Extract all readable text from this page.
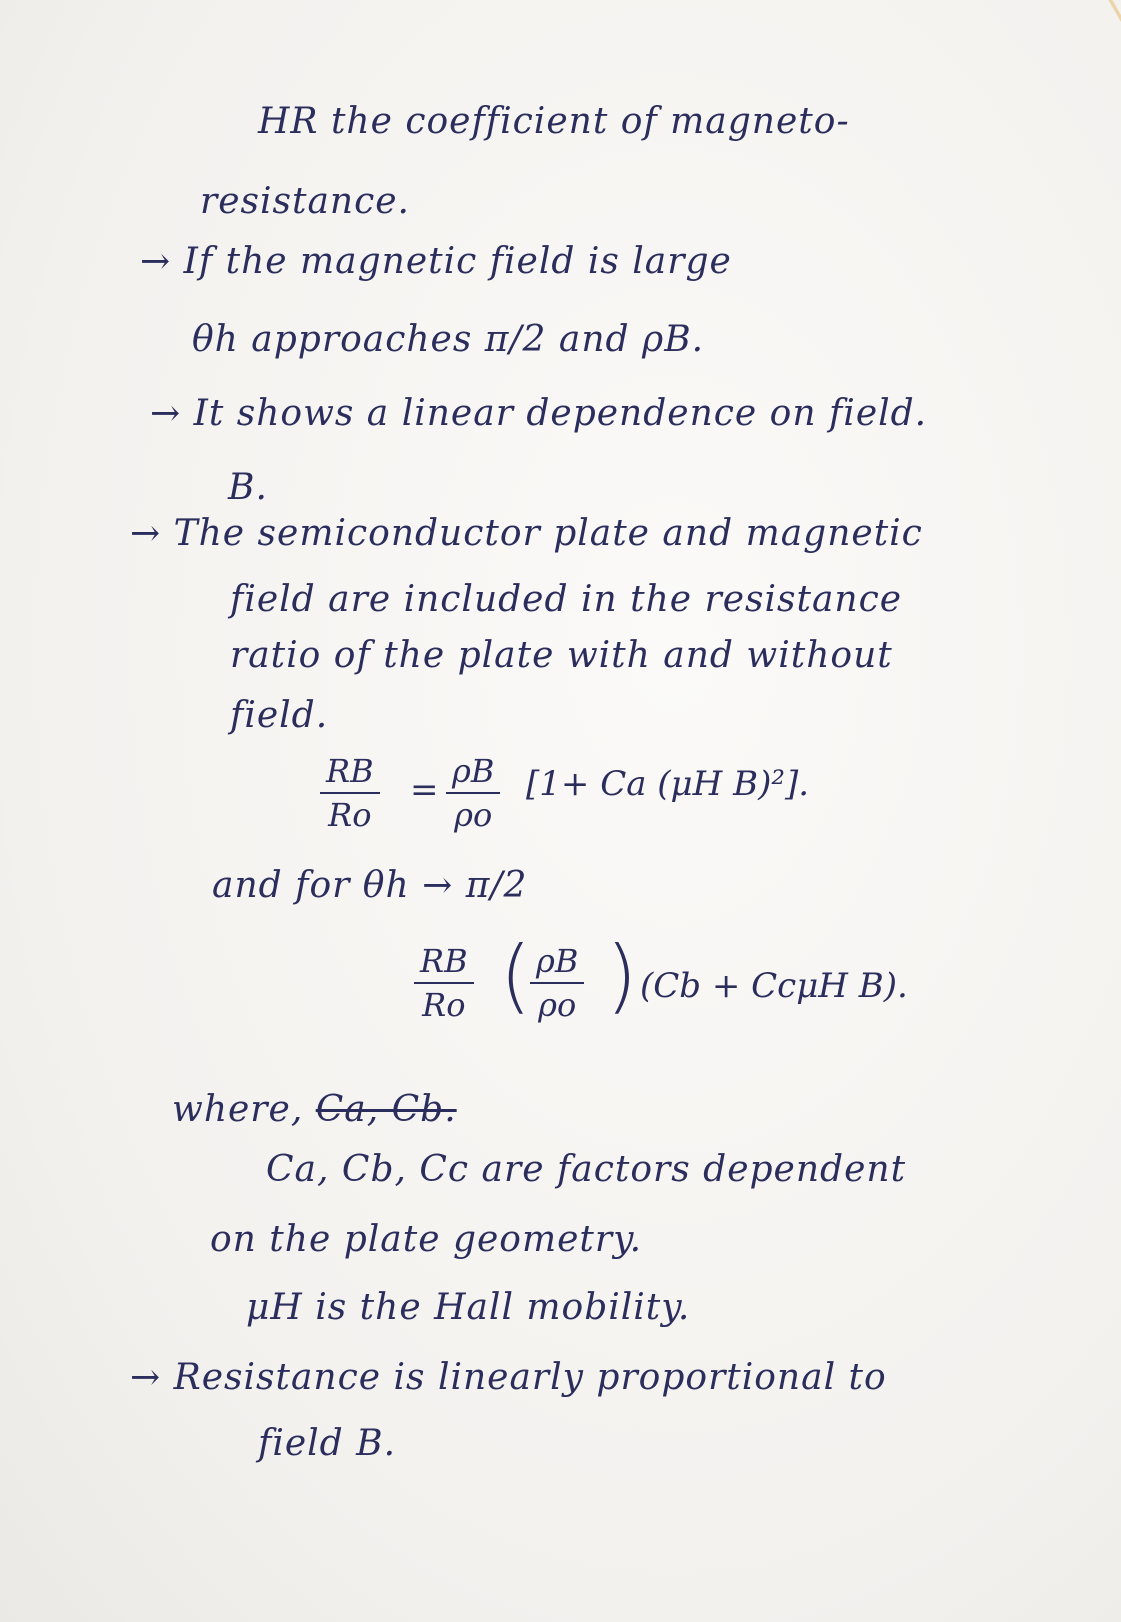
HR the coefficient of magneto-
resistance.
→ If the magnetic field is large
θh approaches π/2 and ρB.
→ It shows a linear dependence on field.
B.
→ The semiconductor plate and magnetic
field are included in the resistance
ratio of the plate with and without
field.
$\frac{RB}{Ro} = \frac{\rho B}{\rho o} [1+ Ca$ (μH B)²].
and for θh → π/2
$\frac{RB}{Ro}$ (
$\frac{\rho B}{\rho o}$ ) (Cb + CcμH B).
where, Ca, Cb.
Ca, Cb, Cc are factors dependent
on the plate geometry.
μH is the Hall mobility.
→ Resistance is linearly proportional to
field B.
